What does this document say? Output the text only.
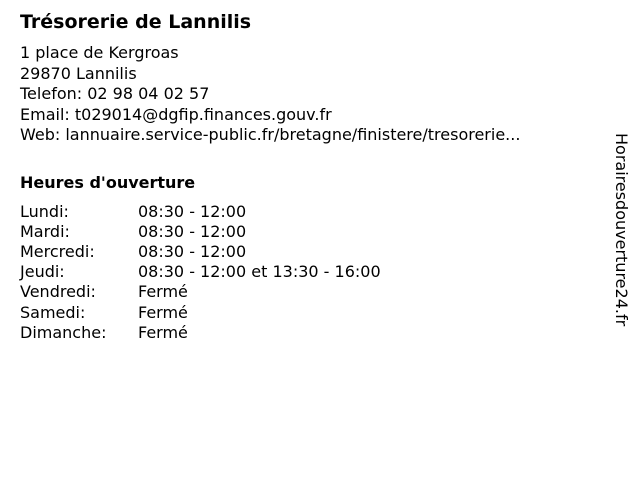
Trésorerie de Lannilis
1 place de Kergroas
29870 Lannilis
Telefon: 02 98 04 02 57
Email: t029014@dgfip.finances.gouv.fr
Web: lannuaire.service-public.fr/bretagne/finistere/tresorerie...
Heures d'ouverture
Lundi:	08:30 - 12:00
Mardi:	08:30 - 12:00
Mercredi:	08:30 - 12:00
Jeudi:	08:30 - 12:00 et 13:30 - 16:00
Vendredi:	Fermé
Samedi:	Fermé
Dimanche:	Fermé
Horairesdouverture24.fr
